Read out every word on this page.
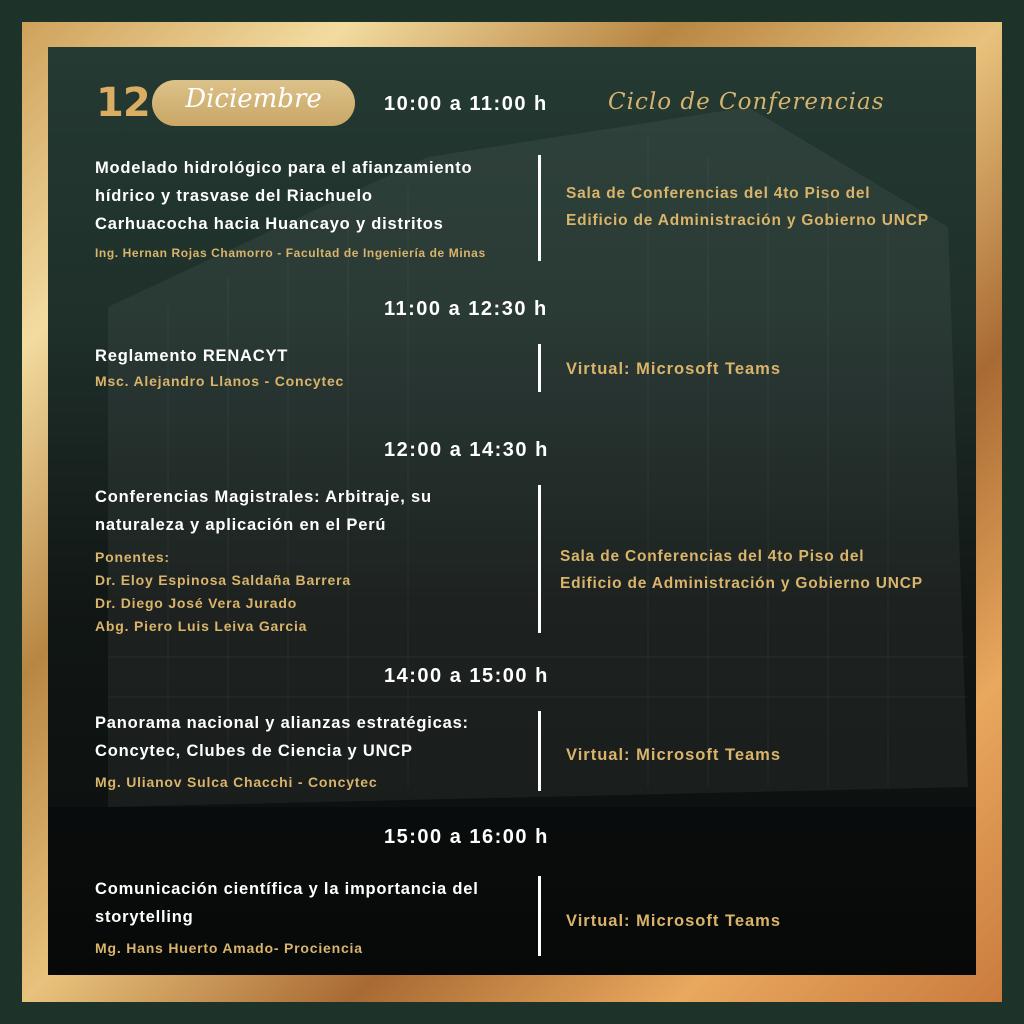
12	Diciembre	Ciclo de Conferencias
10:00 a 11:00 h
Modelado hidrológico para el afianzamiento
hídrico y trasvase del Riachuelo
Carhuacocha hacia Huancayo y distritos
Ing. Hernan Rojas Chamorro - Facultad de Ingeniería de Minas
Sala de Conferencias del 4to Piso del
Edificio de Administración y Gobierno UNCP
11:00 a 12:30 h
Reglamento RENACYT
Msc. Alejandro Llanos - Concytec
Virtual: Microsoft Teams
12:00 a 14:30 h
Conferencias Magistrales: Arbitraje, su
naturaleza y aplicación en el Perú
Ponentes:
Dr. Eloy Espinosa Saldaña Barrera
Dr. Diego José Vera Jurado
Abg. Piero Luis Leiva Garcia
Sala de Conferencias del 4to Piso del
Edificio de Administración y Gobierno UNCP
14:00 a 15:00 h
Panorama nacional y alianzas estratégicas:
Concytec, Clubes de Ciencia y UNCP
Mg. Ulianov Sulca Chacchi - Concytec
Virtual: Microsoft Teams
15:00 a 16:00 h
Comunicación científica y la importancia del
storytelling
Mg. Hans Huerto Amado- Prociencia
Virtual: Microsoft Teams
